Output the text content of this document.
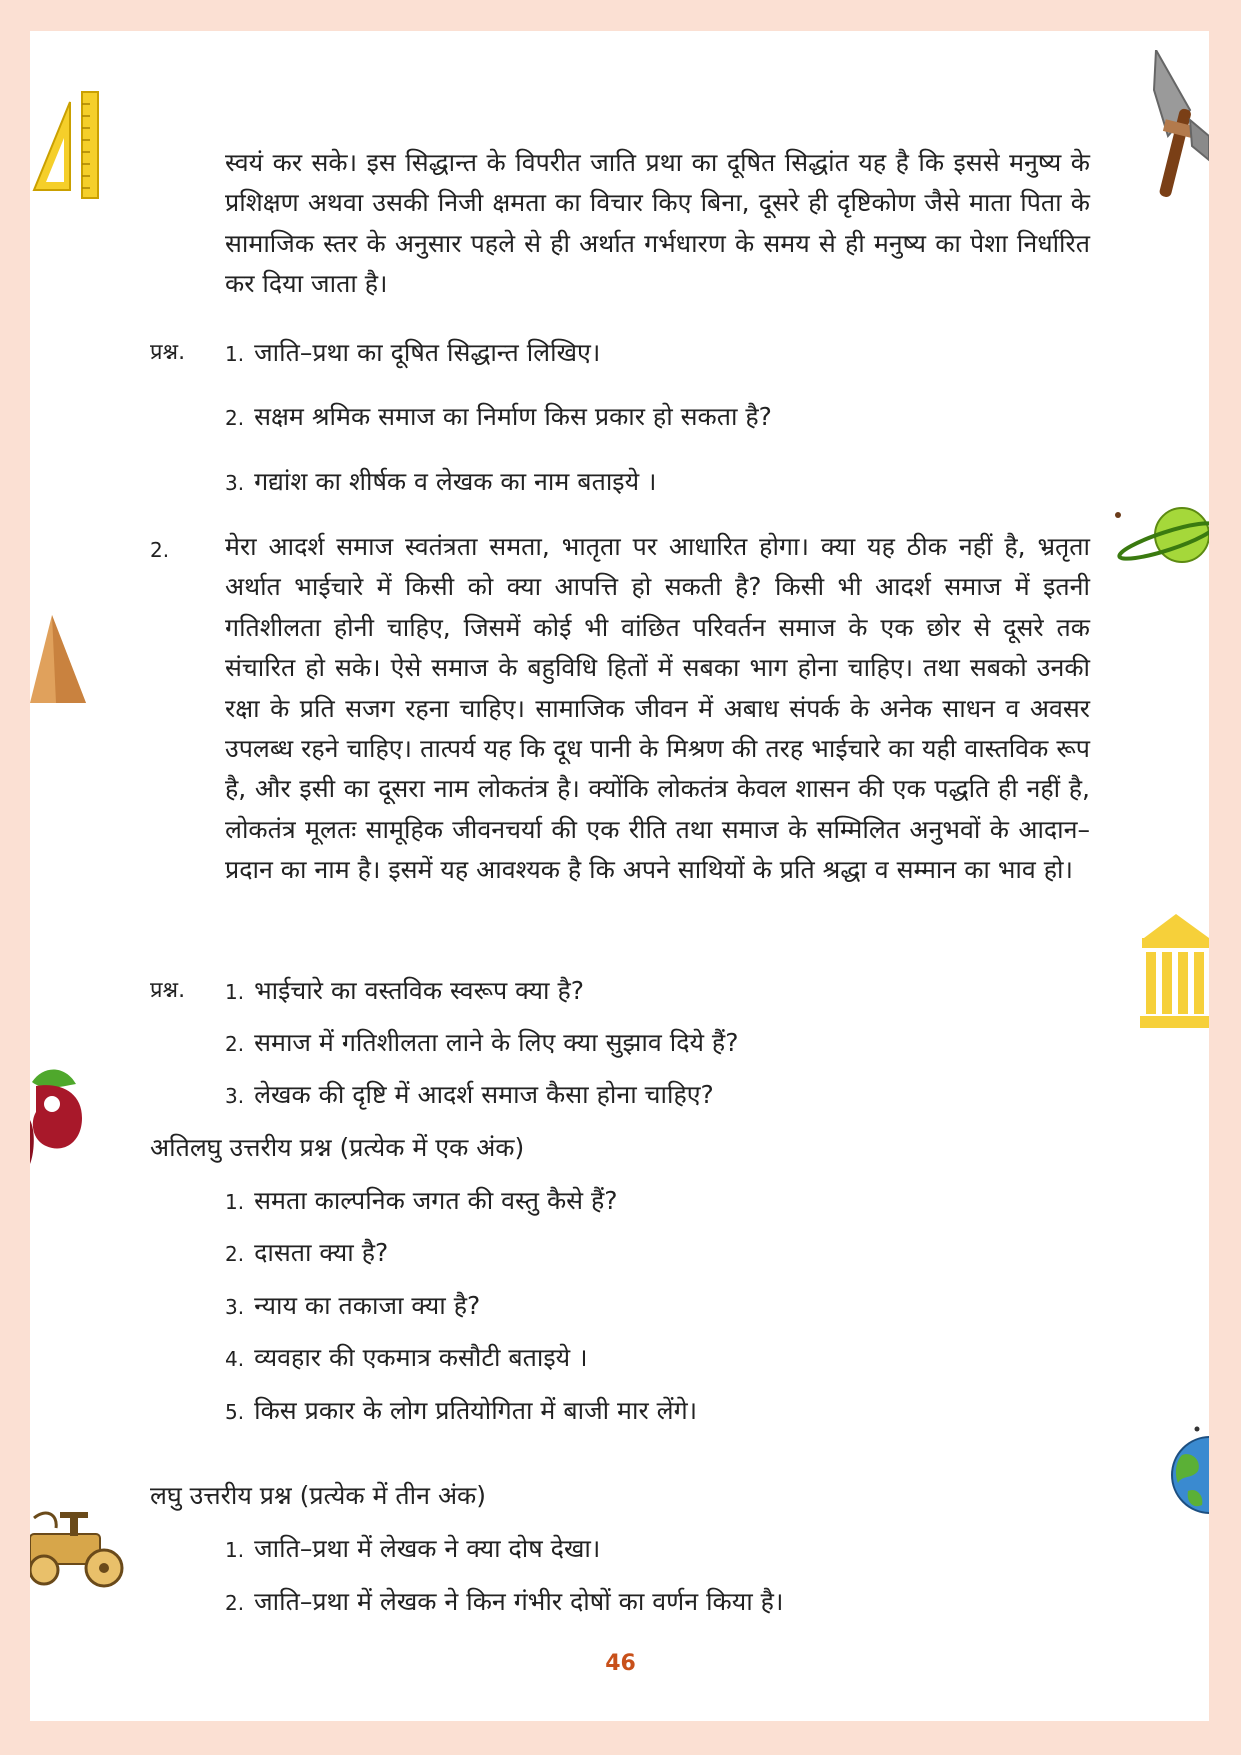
स्वयं कर सके। इस सिद्धान्त के विपरीत जाति प्रथा का दूषित सिद्धांत यह है कि इससे मनुष्य के प्रशिक्षण अथवा उसकी निजी क्षमता का विचार किए बिना, दूसरे ही दृष्टिकोण जैसे माता पिता के सामाजिक स्तर के अनुसार पहले से ही अर्थात गर्भधारण के समय से ही मनुष्य का पेशा निर्धारित कर दिया जाता है।
प्रश्न. 1. जाति–प्रथा का दूषित सिद्धान्त लिखिए।
2. सक्षम श्रमिक समाज का निर्माण किस प्रकार हो सकता है?
3. गद्यांश का शीर्षक व लेखक का नाम बताइये ।
2. मेरा आदर्श समाज स्वतंत्रता समता, भातृता पर आधारित होगा। क्या यह ठीक नहीं है, भ्रतृता अर्थात भाईचारे में किसी को क्या आपत्ति हो सकती है? किसी भी आदर्श समाज में इतनी गतिशीलता होनी चाहिए, जिसमें कोई भी वांछित परिवर्तन समाज के एक छोर से दूसरे तक संचारित हो सके। ऐसे समाज के बहुविधि हितों में सबका भाग होना चाहिए। तथा सबको उनकी रक्षा के प्रति सजग रहना चाहिए। सामाजिक जीवन में अबाध संपर्क के अनेक साधन व अवसर उपलब्ध रहने चाहिए। तात्पर्य यह कि दूध पानी के मिश्रण की तरह भाईचारे का यही वास्तविक रूप है, और इसी का दूसरा नाम लोकतंत्र है। क्योंकि लोकतंत्र केवल शासन की एक पद्धति ही नहीं है, लोकतंत्र मूलतः सामूहिक जीवनचर्या की एक रीति तथा समाज के सम्मिलित अनुभवों के आदान–प्रदान का नाम है। इसमें यह आवश्यक है कि अपने साथियों के प्रति श्रद्धा व सम्मान का भाव हो।
प्रश्न. 1. भाईचारे का वस्तविक स्वरूप क्या है?
2. समाज में गतिशीलता लाने के लिए क्या सुझाव दिये हैं?
3. लेखक की दृष्टि में आदर्श समाज कैसा होना चाहिए?
अतिलघु उत्तरीय प्रश्न (प्रत्येक में एक अंक)
1. समता काल्पनिक जगत की वस्तु कैसे हैं?
2. दासता क्या है?
3. न्याय का तकाजा क्या है?
4. व्यवहार की एकमात्र कसौटी बताइये ।
5. किस प्रकार के लोग प्रतियोगिता में बाजी मार लेंगे।
लघु उत्तरीय प्रश्न (प्रत्येक में तीन अंक)
1. जाति–प्रथा में लेखक ने क्या दोष देखा।
2. जाति–प्रथा में लेखक ने किन गंभीर दोषों का वर्णन किया है।
46
